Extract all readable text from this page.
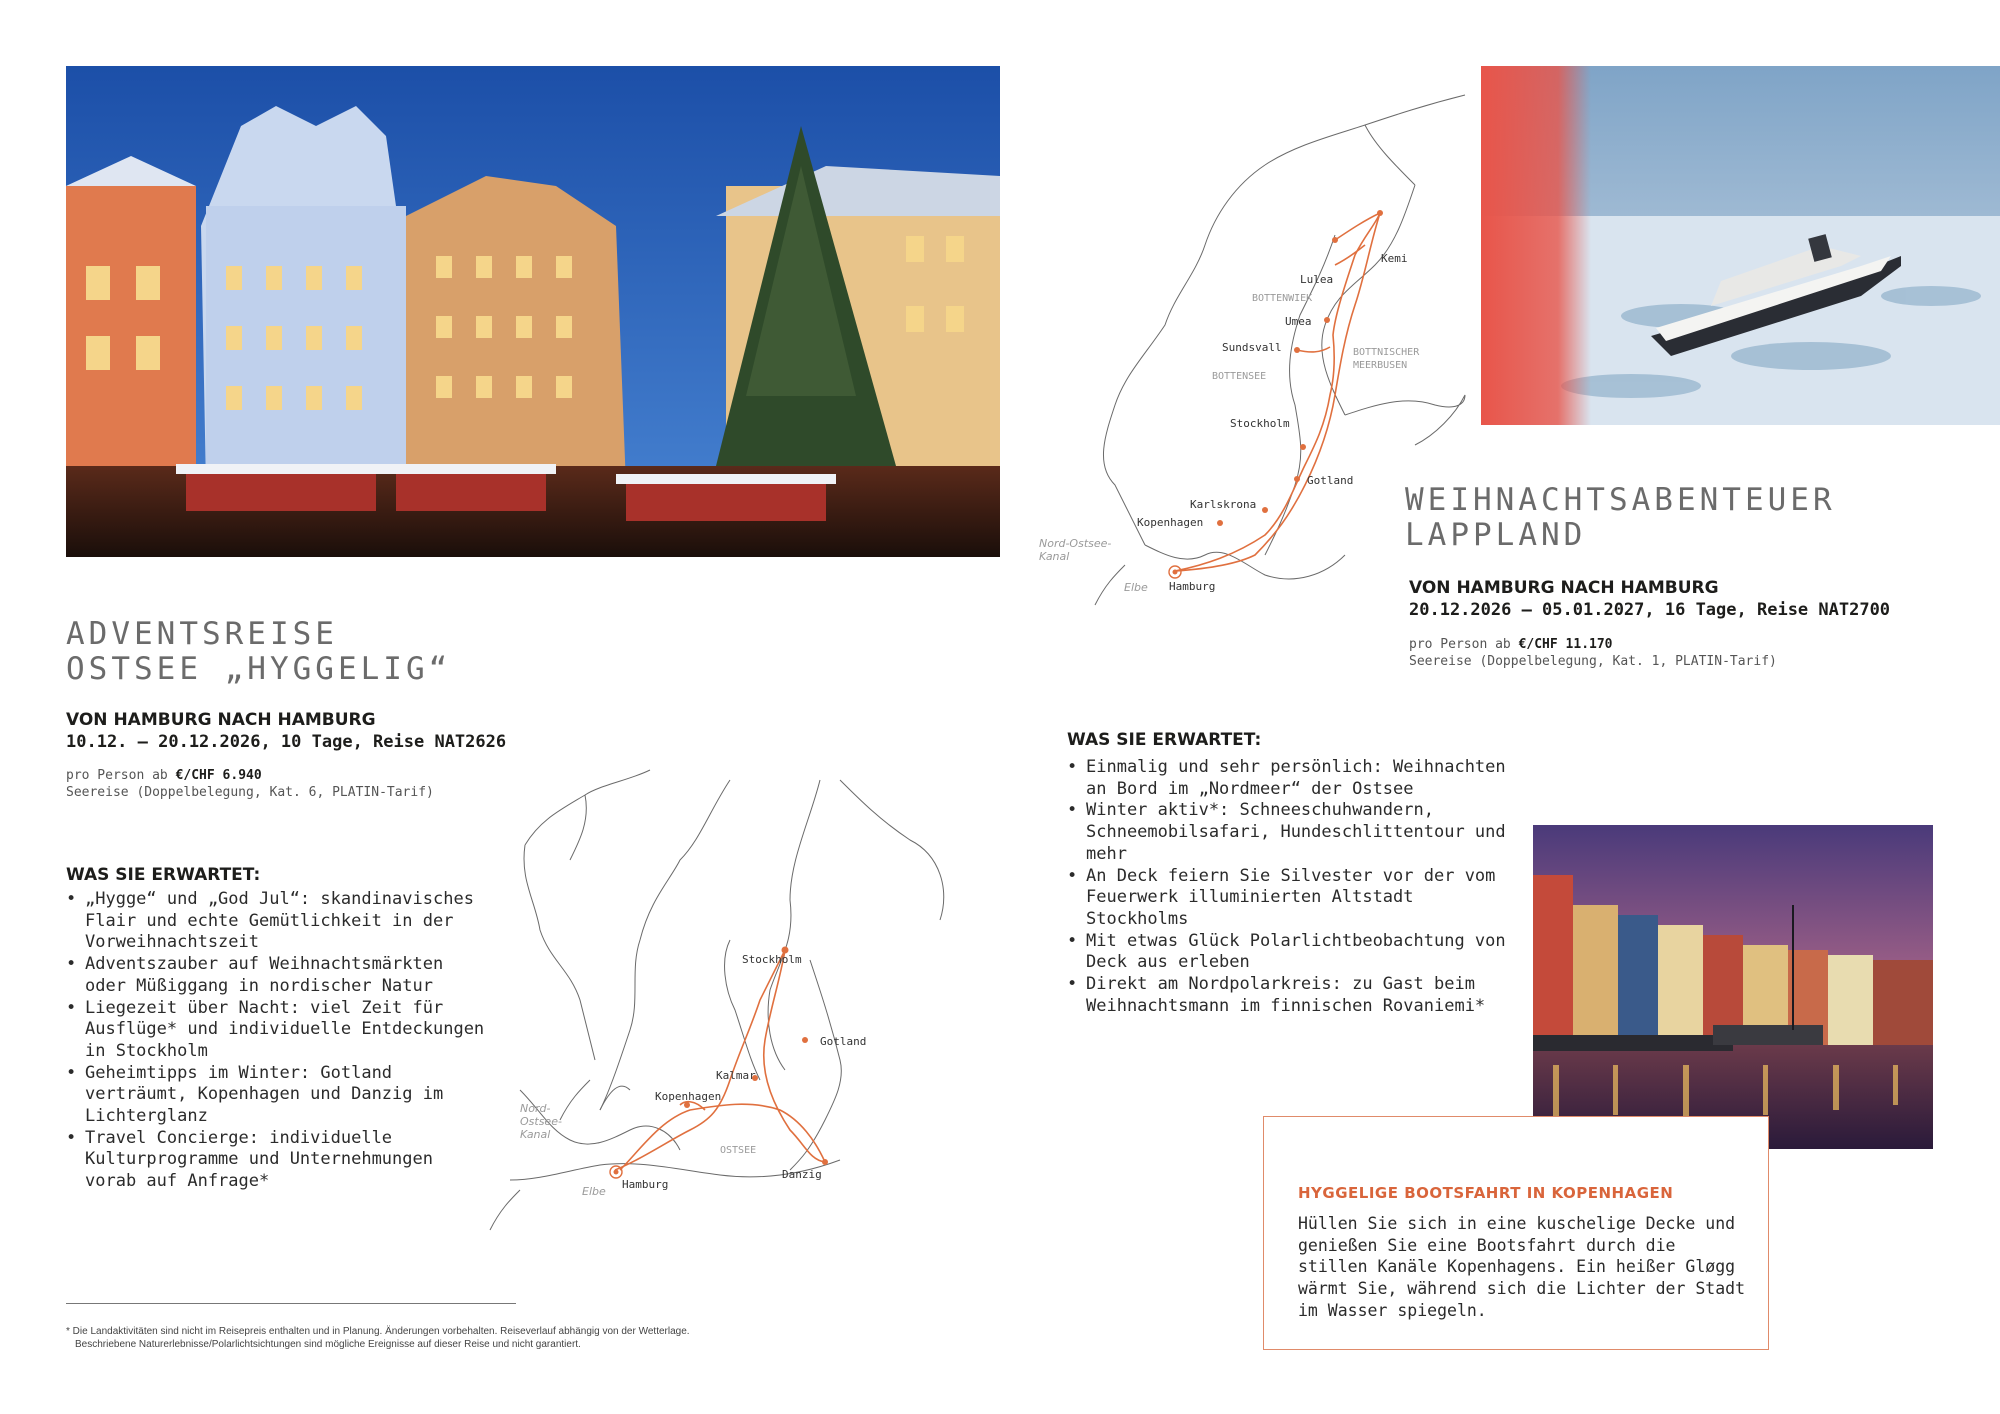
ADVENTSREISE
OSTSEE „HYGGELIG“
VON HAMBURG NACH HAMBURG
10.12. – 20.12.2026, 10 Tage, Reise NAT2626
pro Person ab €/CHF 6.940
Seereise (Doppelbelegung, Kat. 6, PLATIN-Tarif)
WAS SIE ERWARTET:
• „Hygge“ und „God Jul“: skandinavisches Flair und echte Gemütlichkeit in der Vorweihnachtszeit
• Adventszauber auf Weihnachtsmärkten oder Müßiggang in nordischer Natur
• Liegezeit über Nacht: viel Zeit für Ausflüge* und individuelle Entdeckungen in Stockholm
• Geheimtipps im Winter: Gotland verträumt, Kopenhagen und Danzig im Lichterglanz
• Travel Concierge: individuelle Kulturprogramme und Unternehmungen vorab auf Anfrage*
Stockholm
Gotland
Kalmar
Kopenhagen
OSTSEE
Danzig
Hamburg
Elbe
Nord-
Ostsee-
Kanal
* Die Landaktivitäten sind nicht im Reisepreis enthalten und in Planung. Änderungen vorbehalten. Reiseverlauf abhängig von der Wetterlage.
Beschriebene Naturerlebnisse/Polarlichtsichtungen sind mögliche Ereignisse auf dieser Reise und nicht garantiert.
Kemi
Lulea
BOTTENWIEK
Umea
Sundsvall	BOTTNISCHER
MEERBUSEN
BOTTENSEE
Stockholm
Gotland
Karlskrona
Kopenhagen
Nord-Ostsee-
Kanal
Elbe Hamburg
WEIHNACHTSABENTEUER
LAPPLAND
VON HAMBURG NACH HAMBURG
20.12.2026 – 05.01.2027, 16 Tage, Reise NAT2700
pro Person ab €/CHF 11.170
Seereise (Doppelbelegung, Kat. 1, PLATIN-Tarif)
WAS SIE ERWARTET:
• Einmalig und sehr persönlich: Weihnachten an Bord im „Nordmeer“ der Ostsee
• Winter aktiv*: Schneeschuhwandern, Schneemobilsafari, Hundeschlittentour und mehr
• An Deck feiern Sie Silvester vor der vom Feuerwerk illuminierten Altstadt Stockholms
• Mit etwas Glück Polarlichtbeobachtung von Deck aus erleben
• Direkt am Nordpolarkreis: zu Gast beim Weihnachtsmann im finnischen Rovaniemi*
HYGGELIGE BOOTSFAHRT IN KOPENHAGEN
Hüllen Sie sich in eine kuschelige Decke und genießen Sie eine Bootsfahrt durch die stillen Kanäle Kopenhagens. Ein heißer Gløgg wärmt Sie, während sich die Lichter der Stadt im Wasser spiegeln.
